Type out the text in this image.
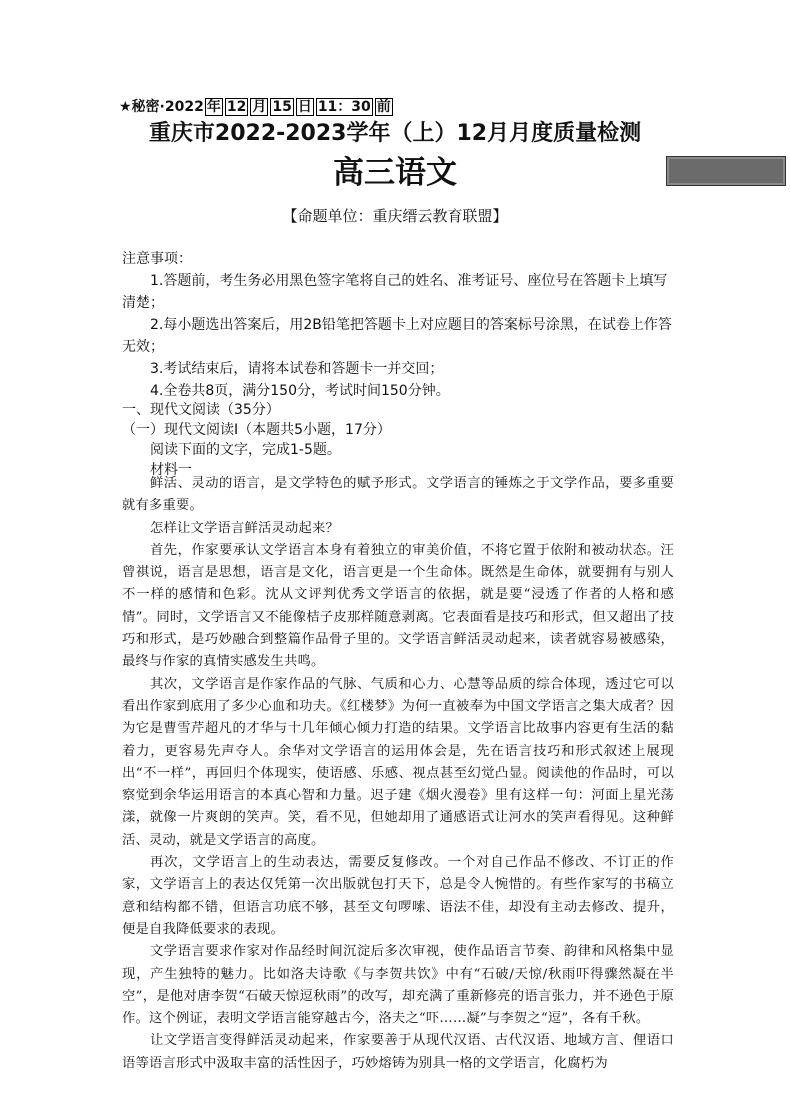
★秘密·2022 年 12 月 15 日 11：30 前
重庆市2022-2023学年（上）12月月度质量检测
高三语文
【命题单位：重庆缙云教育联盟】

注意事项：

1.答题前，考生务必用黑色签字笔将自己的姓名、准考证号、座位号在答题卡上填写清楚；

2.每小题选出答案后，用2B铅笔把答题卡上对应题目的答案标号涂黑，在试卷上作答无效；

3.考试结束后，请将本试卷和答题卡一并交回；

4.全卷共8页，满分150分，考试时间150分钟。

一、现代文阅读（35分）

（一）现代文阅读Ⅰ（本题共5小题，17分）

阅读下面的文字，完成1-5题。

材料一

鲜活、灵动的语言，是文学特色的赋予形式。文学语言的锤炼之于文学作品，要多重要就有多重要。

怎样让文学语言鲜活灵动起来？

首先，作家要承认文学语言本身有着独立的审美价值，不将它置于依附和被动状态。汪曾祺说，语言是思想，语言是文化，语言更是一个生命体。既然是生命体，就要拥有与别人不一样的感情和色彩。沈从文评判优秀文学语言的依据，就是要“浸透了作者的人格和感情”。同时，文学语言又不能像桔子皮那样随意剥离。它表面看是技巧和形式，但又超出了技巧和形式，是巧妙融合到整篇作品骨子里的。文学语言鲜活灵动起来，读者就容易被感染，最终与作家的真情实感发生共鸣。

其次，文学语言是作家作品的气脉、气质和心力、心慧等品质的综合体现，透过它可以看出作家到底用了多少心血和功夫。《红楼梦》为何一直被奉为中国文学语言之集大成者？因为它是曹雪芹超凡的才华与十几年倾心倾力打造的结果。文学语言比故事内容更有生活的黏着力，更容易先声夺人。余华对文学语言的运用体会是，先在语言技巧和形式叙述上展现出“不一样”，再回归个体现实，使语感、乐感、视点甚至幻觉凸显。阅读他的作品时，可以察觉到余华运用语言的本真心智和力量。迟子建《烟火漫卷》里有这样一句：河面上星光荡漾，就像一片爽朗的笑声。笑，看不见，但她却用了通感语式让河水的笑声看得见。这种鲜活、灵动，就是文学语言的高度。

再次，文学语言上的生动表达，需要反复修改。一个对自己作品不修改、不订正的作家，文学语言上的表达仅凭第一次出版就包打天下，总是令人惋惜的。有些作家写的书稿立意和结构都不错，但语言功底不够，甚至文句啰嗦、语法不佳，却没有主动去修改、提升，便是自我降低要求的表现。

文学语言要求作家对作品经时间沉淀后多次审视，使作品语言节奏、韵律和风格集中显现，产生独特的魅力。比如洛夫诗歌《与李贺共饮》中有“石破/天惊/秋雨吓得骤然凝在半空”，是他对唐李贺“石破天惊逗秋雨”的改写，却充满了重新修亮的语言张力，并不逊色于原作。这个例证，表明文学语言能穿越古今，洛夫之“吓……凝”与李贺之“逗”，各有千秋。

让文学语言变得鲜活灵动起来，作家要善于从现代汉语、古代汉语、地域方言、俚语口语等语言形式中汲取丰富的活性因子，巧妙熔铸为别具一格的文学语言，化腐朽为
